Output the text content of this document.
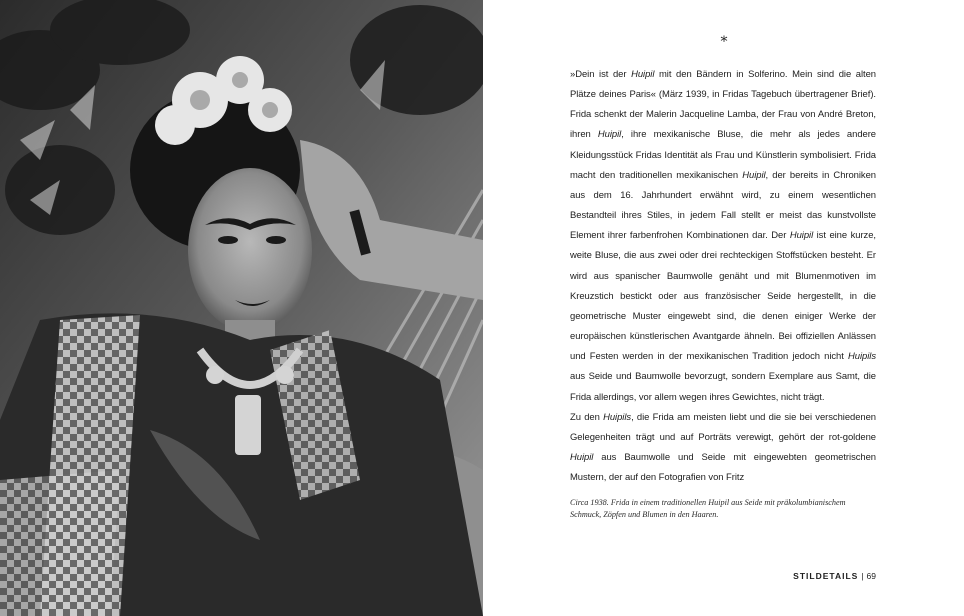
*

»Dein ist der Huipil mit den Bändern in Solferino. Mein sind die alten Plätze deines Paris« (März 1939, in Fridas Tagebuch übertragener Brief). Frida schenkt der Malerin Jacqueline Lamba, der Frau von André Breton, ihren Huipil, ihre mexikanische Bluse, die mehr als jedes andere Kleidungsstück Fridas Identität als Frau und Künstlerin symbolisiert. Frida macht den traditionellen mexikanischen Huipil, der bereits in Chroniken aus dem 16. Jahrhundert erwähnt wird, zu einem wesentlichen Bestandteil ihres Stiles, in jedem Fall stellt er meist das kunstvollste Element ihrer farbenfrohen Kombinationen dar. Der Huipil ist eine kurze, weite Bluse, die aus zwei oder drei rechteckigen Stoffstücken besteht. Er wird aus spanischer Baumwolle genäht und mit Blumenmotiven im Kreuzstich bestickt oder aus französischer Seide hergestellt, in die geometrische Muster eingewebt sind, die denen einiger Werke der europäischen künstlerischen Avantgarde ähneln. Bei offiziellen Anlässen und Festen werden in der mexikanischen Tradition jedoch nicht Huipils aus Seide und Baumwolle bevorzugt, sondern Exemplare aus Samt, die Frida allerdings, vor allem wegen ihres Gewichtes, nicht trägt.

Zu den Huipils, die Frida am meisten liebt und die sie bei verschiedenen Gelegenheiten trägt und auf Porträts verewigt, gehört der rot-goldene Huipil aus Baumwolle und Seide mit eingewebten geometrischen Mustern, der auf den Fotografien von Fritz

Circa 1938. Frida in einem traditionellen Huipil aus Seide mit präkolumbianischem Schmuck, Zöpfen und Blumen in den Haaren.
STILDETAILS | 69
